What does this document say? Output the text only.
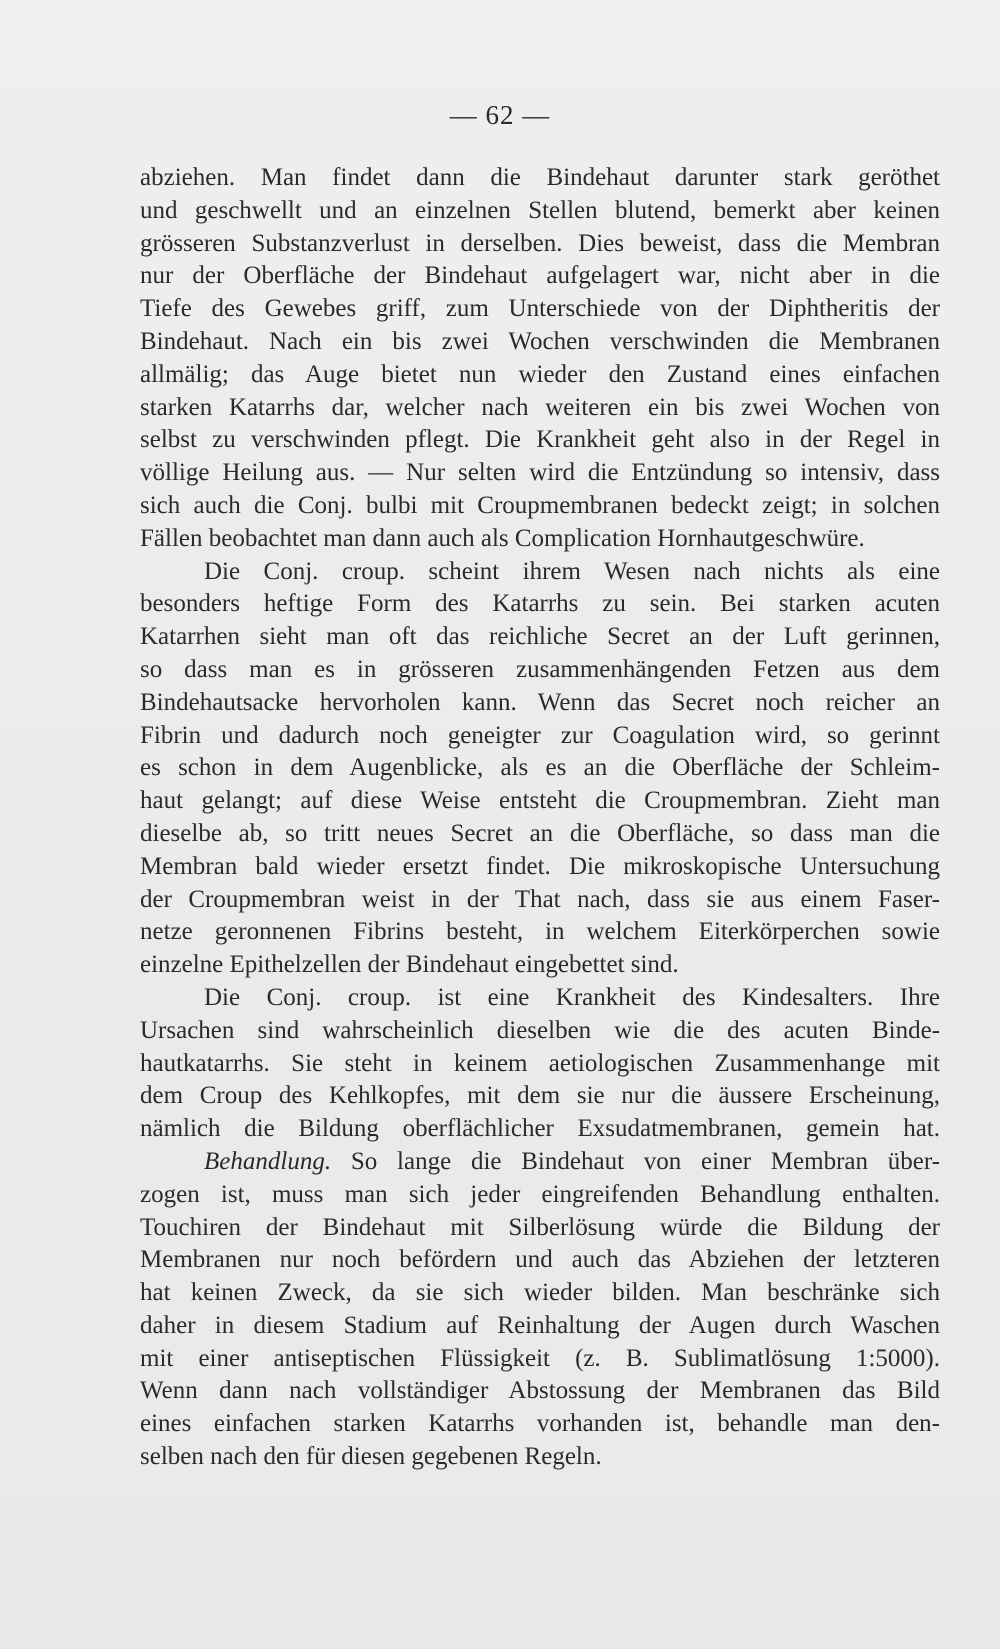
— 62 —
abziehen. Man findet dann die Bindehaut darunter stark geröthet
und geschwellt und an einzelnen Stellen blutend, bemerkt aber keinen
grösseren Substanzverlust in derselben. Dies beweist, dass die Membran
nur der Oberfläche der Bindehaut aufgelagert war, nicht aber in die
Tiefe des Gewebes griff, zum Unterschiede von der Diphtheritis der
Bindehaut. Nach ein bis zwei Wochen verschwinden die Membranen
allmälig; das Auge bietet nun wieder den Zustand eines einfachen
starken Katarrhs dar, welcher nach weiteren ein bis zwei Wochen von
selbst zu verschwinden pflegt. Die Krankheit geht also in der Regel in
völlige Heilung aus. — Nur selten wird die Entzündung so intensiv, dass
sich auch die Conj. bulbi mit Croupmembranen bedeckt zeigt; in solchen
Fällen beobachtet man dann auch als Complication Hornhautgeschwüre.
Die Conj. croup. scheint ihrem Wesen nach nichts als eine
besonders heftige Form des Katarrhs zu sein. Bei starken acuten
Katarrhen sieht man oft das reichliche Secret an der Luft gerinnen,
so dass man es in grösseren zusammenhängenden Fetzen aus dem
Bindehautsacke hervorholen kann. Wenn das Secret noch reicher an
Fibrin und dadurch noch geneigter zur Coagulation wird, so gerinnt
es schon in dem Augenblicke, als es an die Oberfläche der Schleim-
haut gelangt; auf diese Weise entsteht die Croupmembran. Zieht man
dieselbe ab, so tritt neues Secret an die Oberfläche, so dass man die
Membran bald wieder ersetzt findet. Die mikroskopische Untersuchung
der Croupmembran weist in der That nach, dass sie aus einem Faser-
netze geronnenen Fibrins besteht, in welchem Eiterkörperchen sowie
einzelne Epithelzellen der Bindehaut eingebettet sind.
Die Conj. croup. ist eine Krankheit des Kindesalters. Ihre
Ursachen sind wahrscheinlich dieselben wie die des acuten Binde-
hautkatarrhs. Sie steht in keinem aetiologischen Zusammenhange mit
dem Croup des Kehlkopfes, mit dem sie nur die äussere Erscheinung,
nämlich die Bildung oberflächlicher Exsudatmembranen, gemein hat.
Behandlung. So lange die Bindehaut von einer Membran über-
zogen ist, muss man sich jeder eingreifenden Behandlung enthalten.
Touchiren der Bindehaut mit Silberlösung würde die Bildung der
Membranen nur noch befördern und auch das Abziehen der letzteren
hat keinen Zweck, da sie sich wieder bilden. Man beschränke sich
daher in diesem Stadium auf Reinhaltung der Augen durch Waschen
mit einer antiseptischen Flüssigkeit (z. B. Sublimatlösung 1:5000).
Wenn dann nach vollständiger Abstossung der Membranen das Bild
eines einfachen starken Katarrhs vorhanden ist, behandle man den-
selben nach den für diesen gegebenen Regeln.
